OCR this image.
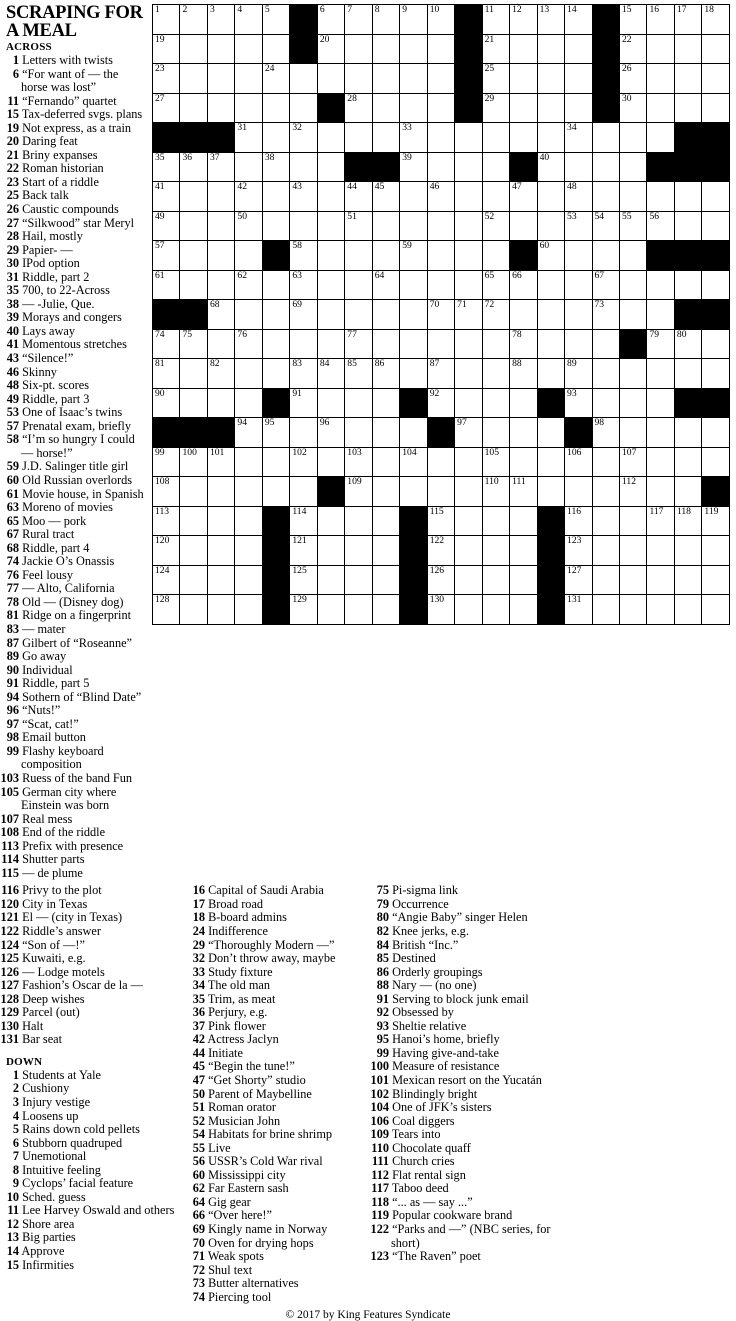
SCRAPING FOR A MEAL
ACROSS

1 Letters with twists

6 “For want of — the horse was lost”

11 “Fernando” quartet

15 Tax-deferred svgs. plans

19 Not express, as a train

20 Daring feat

21 Briny expanses

22 Roman historian

23 Start of a riddle

25 Back talk

26 Caustic compounds

27 “Silkwood” star Meryl

28 Hail, mostly

29 Papier- —

30 IPod option

31 Riddle, part 2

35 700, to 22-Across

38 — -Julie, Que.

39 Morays and congers

40 Lays away

41 Momentous stretches

43 “Silence!”

46 Skinny

48 Six-pt. scores

49 Riddle, part 3

53 One of Isaac’s twins

57 Prenatal exam, briefly

58 “I’m so hungry I could — horse!”

59 J.D. Salinger title girl

60 Old Russian overlords

61 Movie house, in Spanish

63 Moreno of movies

65 Moo — pork

67 Rural tract

68 Riddle, part 4

74 Jackie O’s Onassis

76 Feel lousy

77 — Alto, California

78 Old — (Disney dog)

81 Ridge on a fingerprint

83 — mater

87 Gilbert of “Roseanne”

89 Go away

90 Individual

91 Riddle, part 5

94 Sothern of “Blind Date”

96 “Nuts!”

97 “Scat, cat!”

98 Email button

99 Flashy keyboard composition

103 Ruess of the band Fun

105 German city where Einstein was born

107 Real mess

108 End of the riddle

113 Prefix with presence

114 Shutter parts

115 — de plume

1	2	3	4	5		6	7	8	9	10		11	12	13	14		15	16	17	18

19						20						21					22			

23				24								25					26			

27							28					29					30			

			31		32				33						34					

35	36	37		38					39					40						

41			42		43		44	45		46			47		48					

49			50				51					52			53	54	55	56		

57					58				59					60						

61			62		63			64				65	66			67				

		68			69					70	71	72				73				

74	75		76				77						78					79	80	

81		82			83	84	85	86		87			88		89					

90					91					92					93					

			94	95		96					97					98				

99	100	101			102		103		104			105			106		107			

108							109					110	111				112			

113					114					115					116			117	118	119

120					121					122					123					

124					125					126					127					

128					129					130					131					

116 Privy to the plot

120 City in Texas

121 El — (city in Texas)

122 Riddle’s answer

124 “Son of —!”

125 Kuwaiti, e.g.

126 — Lodge motels

127 Fashion’s Oscar de la —

128 Deep wishes

129 Parcel (out)

130 Halt

131 Bar seat

DOWN

1 Students at Yale

2 Cushiony

3 Injury vestige

4 Loosens up

5 Rains down cold pellets

6 Stubborn quadruped

7 Unemotional

8 Intuitive feeling

9 Cyclops’ facial feature

10 Sched. guess

11 Lee Harvey Oswald and others

12 Shore area

13 Big parties

14 Approve

15 Infirmities

16 Capital of Saudi Arabia

17 Broad road

18 B-board admins

24 Indifference

29 “Thoroughly Modern —”

32 Don’t throw away, maybe

33 Study fixture

34 The old man

35 Trim, as meat

36 Perjury, e.g.

37 Pink flower

42 Actress Jaclyn

44 Initiate

45 “Begin the tune!”

47 “Get Shorty” studio

50 Parent of Maybelline

51 Roman orator

52 Musician John

54 Habitats for brine shrimp

55 Live

56 USSR’s Cold War rival

60 Mississippi city

62 Far Eastern sash

64 Gig gear

66 “Over here!”

69 Kingly name in Norway

70 Oven for drying hops

71 Weak spots

72 Shul text

73 Butter alternatives

74 Piercing tool

75 Pi-sigma link

79 Occurrence

80 “Angie Baby” singer Helen

82 Knee jerks, e.g.

84 British “Inc.”

85 Destined

86 Orderly groupings

88 Nary — (no one)

91 Serving to block junk email

92 Obsessed by

93 Sheltie relative

95 Hanoi’s home, briefly

99 Having give-and-take

100 Measure of resistance

101 Mexican resort on the Yucatán

102 Blindingly bright

104 One of JFK’s sisters

106 Coal diggers

109 Tears into

110 Chocolate quaff

111 Church cries

112 Flat rental sign

117 Taboo deed

118 “... as — say ...”

119 Popular cookware brand

122 “Parks and —” (NBC series, for short)

123 “The Raven” poet

© 2017 by King Features Syndicate
